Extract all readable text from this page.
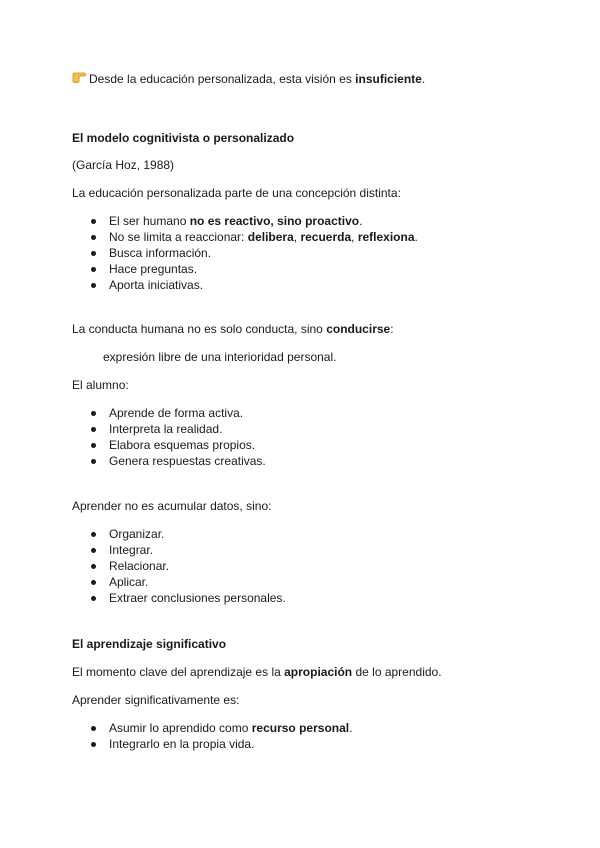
Desde la educación personalizada, esta visión es insuficiente.
El modelo cognitivista o personalizado
(García Hoz, 1988)
La educación personalizada parte de una concepción distinta:
El ser humano no es reactivo, sino proactivo.
No se limita a reaccionar: delibera, recuerda, reflexiona.
Busca información.
Hace preguntas.
Aporta iniciativas.
La conducta humana no es solo conducta, sino conducirse:
expresión libre de una interioridad personal.
El alumno:
Aprende de forma activa.
Interpreta la realidad.
Elabora esquemas propios.
Genera respuestas creativas.
Aprender no es acumular datos, sino:
Organizar.
Integrar.
Relacionar.
Aplicar.
Extraer conclusiones personales.
El aprendizaje significativo
El momento clave del aprendizaje es la apropiación de lo aprendido.
Aprender significativamente es:
Asumir lo aprendido como recurso personal.
Integrarlo en la propia vida.
